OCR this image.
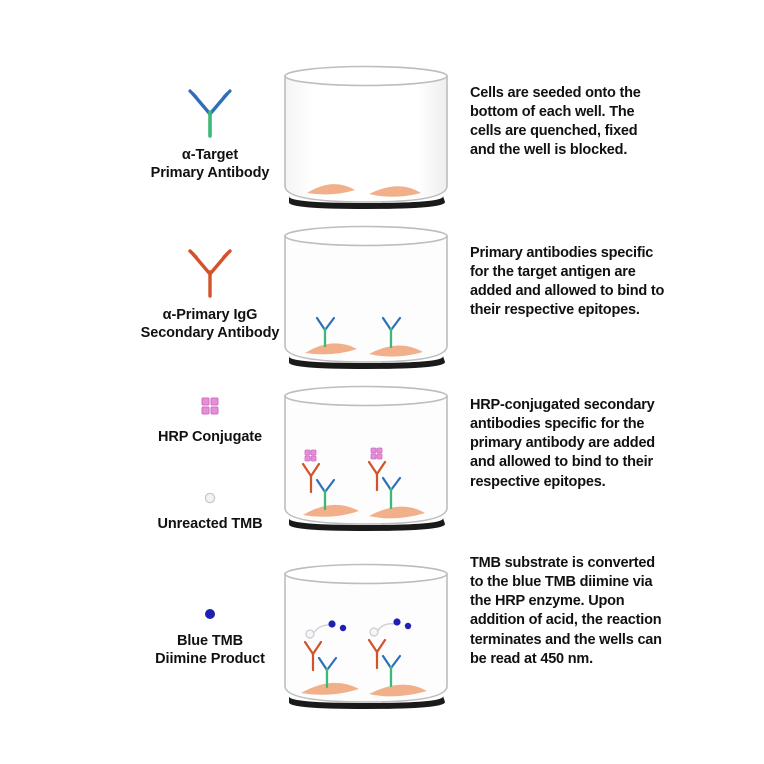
α-Target
Primary Antibody
Cells are seeded onto the bottom of each well. The cells are quenched, fixed and the well is blocked.
α-Primary IgG
Secondary Antibody
Primary antibodies specific for the target antigen are added and allowed to bind to their respective epitopes.
HRP Conjugate
Unreacted TMB
HRP-conjugated secondary antibodies specific for the primary antibody are added and allowed to bind to their respective epitopes.
Blue TMB
Diimine Product
TMB substrate is converted to the blue TMB diimine via the HRP enzyme. Upon addition of acid, the reaction terminates and the wells can be read at 450 nm.
